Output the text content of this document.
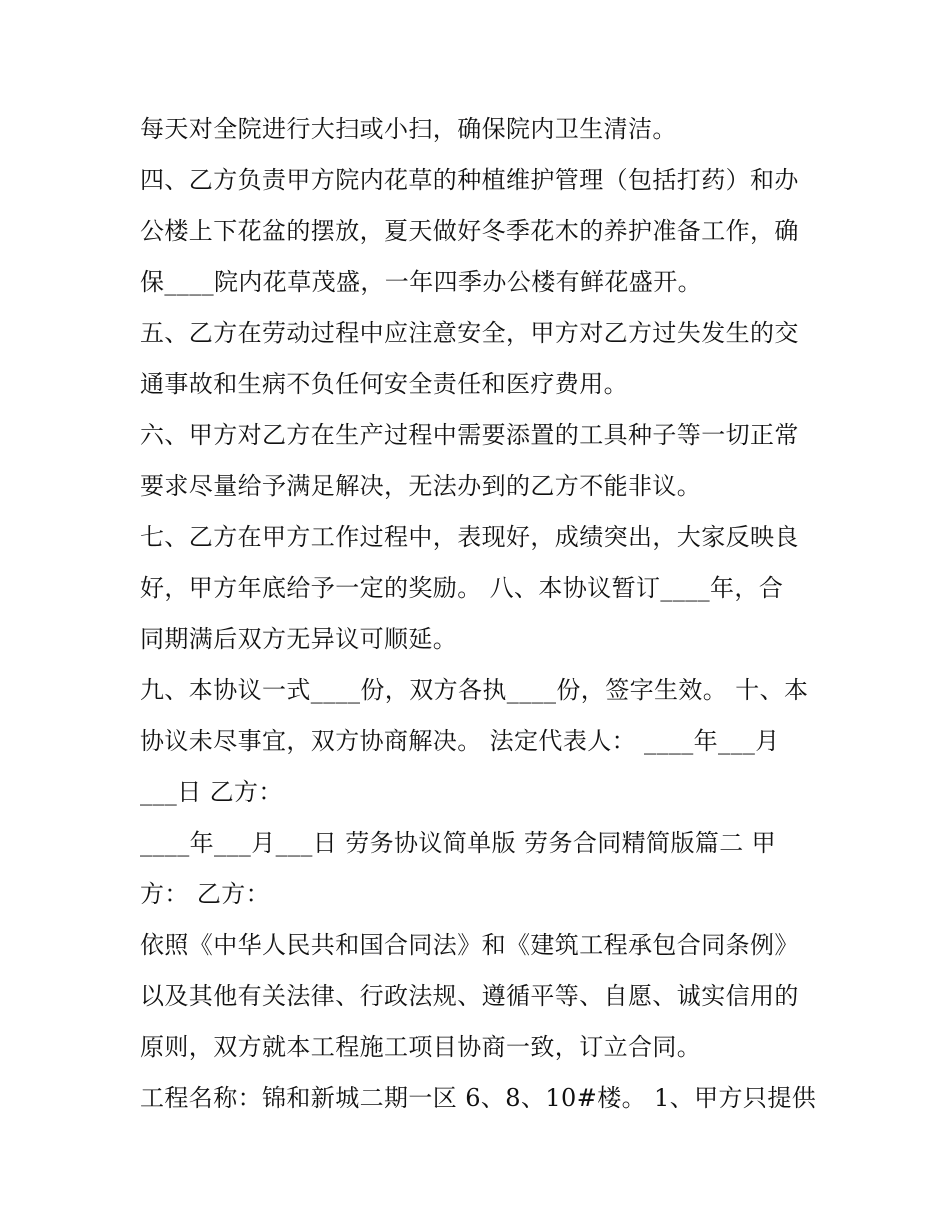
每天对全院进行大扫或小扫，确保院内卫生清洁。
四、乙方负责甲方院内花草的种植维护管理（包括打药）和办
公楼上下花盆的摆放，夏天做好冬季花木的养护准备工作，确
保____院内花草茂盛，一年四季办公楼有鲜花盛开。
五、乙方在劳动过程中应注意安全，甲方对乙方过失发生的交
通事故和生病不负任何安全责任和医疗费用。
六、甲方对乙方在生产过程中需要添置的工具种子等一切正常
要求尽量给予满足解决，无法办到的乙方不能非议。
七、乙方在甲方工作过程中，表现好，成绩突出，大家反映良
好，甲方年底给予一定的奖励。 八、本协议暂订____年，合
同期满后双方无异议可顺延。
九、本协议一式____份，双方各执____份，签字生效。 十、本
协议未尽事宜，双方协商解决。 法定代表人： ____年___月
___日 乙方：
____年___月___日 劳务协议简单版 劳务合同精简版篇二 甲
方： 乙方：
依照《中华人民共和国合同法》和《建筑工程承包合同条例》
以及其他有关法律、行政法规、遵循平等、自愿、诚实信用的
原则，双方就本工程施工项目协商一致，订立合同。
工程名称：锦和新城二期一区 6、8、10#楼。 1、甲方只提供
